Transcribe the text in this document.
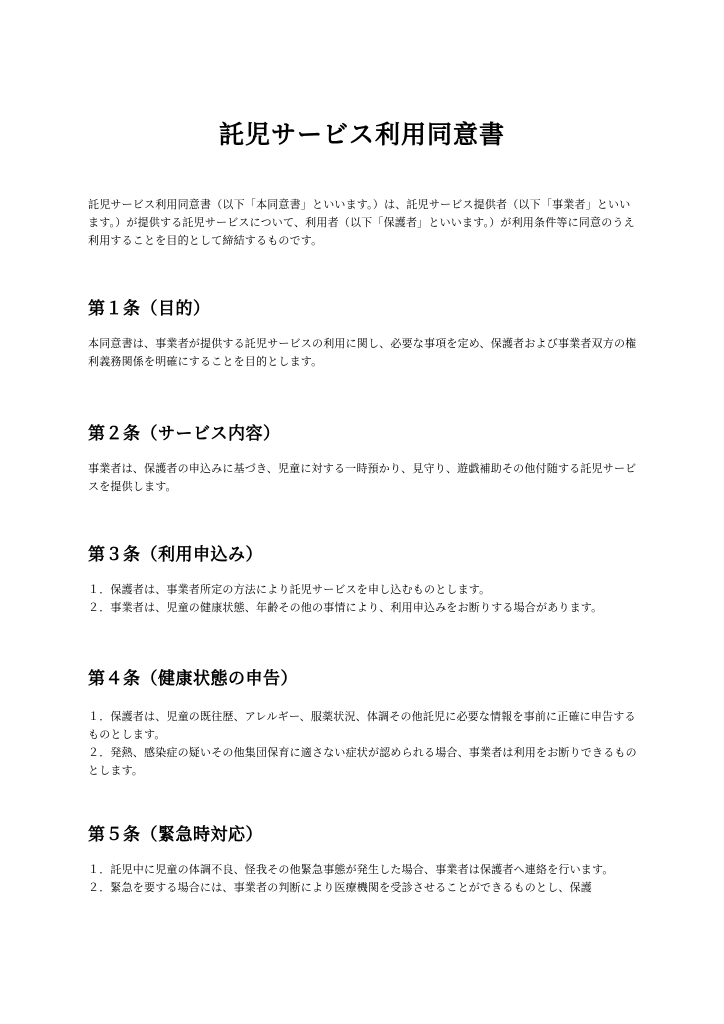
託児サービス利用同意書

託児サービス利用同意書（以下「本同意書」といいます。）は、託児サービス提供者（以下「事業者」といいます。）が提供する託児サービスについて、利用者（以下「保護者」といいます。）が利用条件等に同意のうえ利用することを目的として締結するものです。

第１条（目的）

本同意書は、事業者が提供する託児サービスの利用に関し、必要な事項を定め、保護者および事業者双方の権利義務関係を明確にすることを目的とします。

第２条（サービス内容）

事業者は、保護者の申込みに基づき、児童に対する一時預かり、見守り、遊戯補助その他付随する託児サービスを提供します。

第３条（利用申込み）
１．保護者は、事業者所定の方法により託児サービスを申し込むものとします。
２．事業者は、児童の健康状態、年齢その他の事情により、利用申込みをお断りする場合があります。
第４条（健康状態の申告）
１．保護者は、児童の既往歴、アレルギー、服薬状況、体調その他託児に必要な情報を事前に正確に申告するものとします。
２．発熱、感染症の疑いその他集団保育に適さない症状が認められる場合、事業者は利用をお断りできるものとします。
第５条（緊急時対応）
１．託児中に児童の体調不良、怪我その他緊急事態が発生した場合、事業者は保護者へ連絡を行います。
２．緊急を要する場合には、事業者の判断により医療機関を受診させることができるものとし、保護
